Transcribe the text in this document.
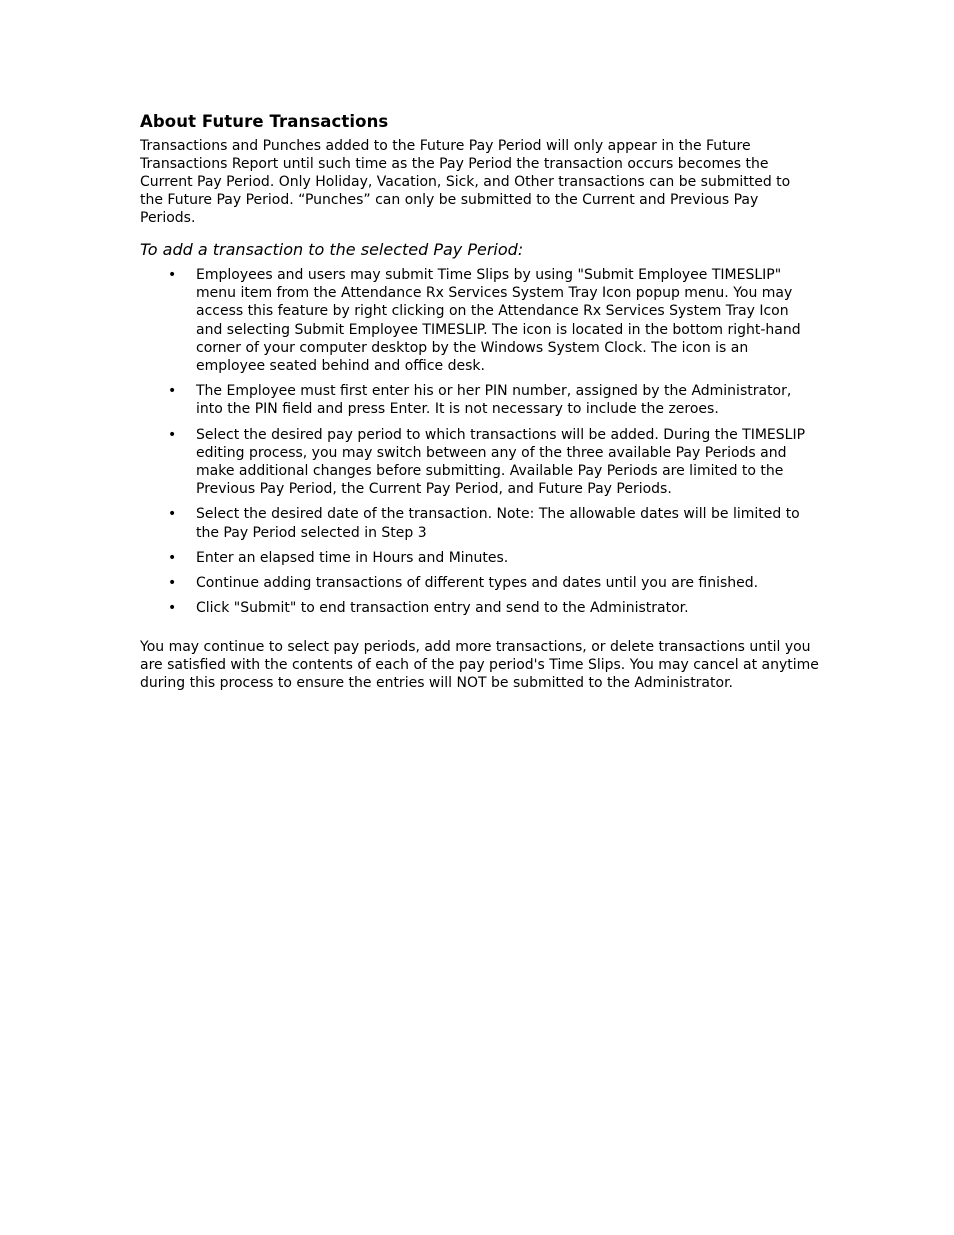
About Future Transactions

Transactions and Punches added to the Future Pay Period will only appear in the Future Transactions Report until such time as the Pay Period the transaction occurs becomes the Current Pay Period. Only Holiday, Vacation, Sick, and Other transactions can be submitted to the Future Pay Period. “Punches” can only be submitted to the Current and Previous Pay Periods.

To add a transaction to the selected Pay Period:
• Employees and users may submit Time Slips by using "Submit Employee TIMESLIP" menu item from the Attendance Rx Services System Tray Icon popup menu. You may access this feature by right clicking on the Attendance Rx Services System Tray Icon and selecting Submit Employee TIMESLIP. The icon is located in the bottom right-hand corner of your computer desktop by the Windows System Clock. The icon is an employee seated behind and office desk.
• The Employee must first enter his or her PIN number, assigned by the Administrator, into the PIN field and press Enter. It is not necessary to include the zeroes.
• Select the desired pay period to which transactions will be added. During the TIMESLIP editing process, you may switch between any of the three available Pay Periods and make additional changes before submitting. Available Pay Periods are limited to the Previous Pay Period, the Current Pay Period, and Future Pay Periods.
• Select the desired date of the transaction. Note: The allowable dates will be limited to the Pay Period selected in Step 3
• Enter an elapsed time in Hours and Minutes.
• Continue adding transactions of different types and dates until you are finished.
• Click "Submit" to end transaction entry and send to the Administrator.

You may continue to select pay periods, add more transactions, or delete transactions until you are satisfied with the contents of each of the pay period's Time Slips. You may cancel at anytime during this process to ensure the entries will NOT be submitted to the Administrator.
